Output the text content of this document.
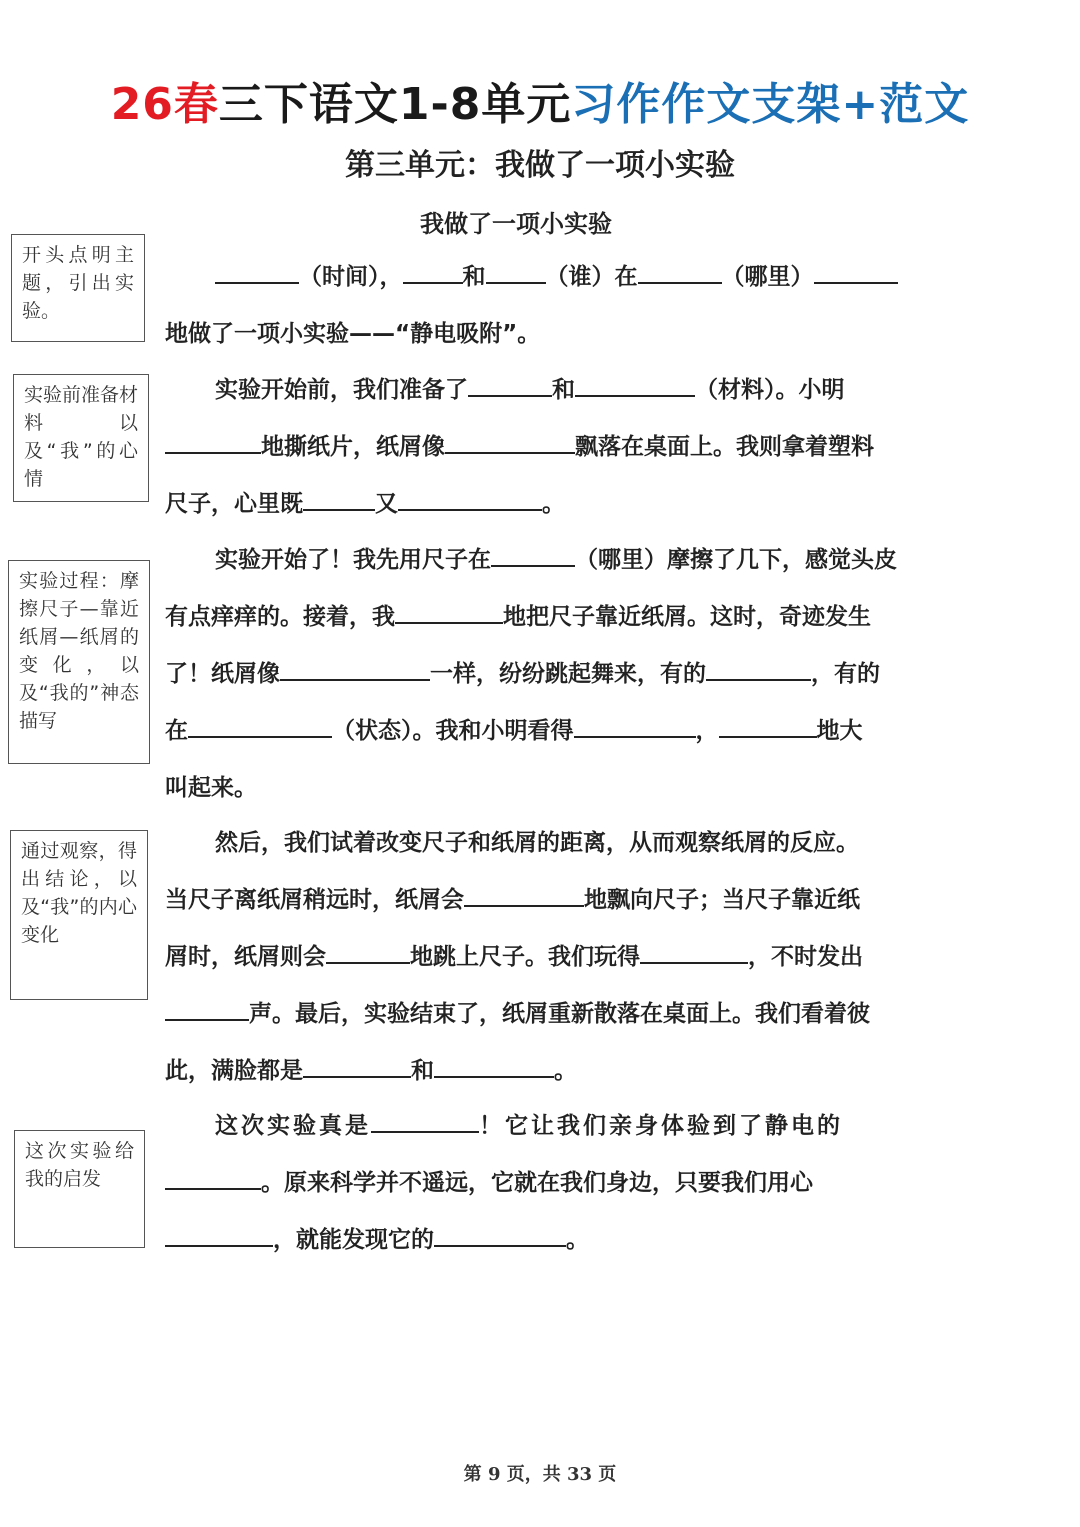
26春三下语文1-8单元习作作文支架+范文
第三单元：我做了一项小实验
我做了一项小实验
开头点明主题，引出实验。
实验前准备材料以及“我”的心情
实验过程：摩擦尺子—靠近纸屑—纸屑的变化，以及“我的”神态描写
通过观察，得出结论，以及“我”的内心变化
这次实验给我的启发
（时间），	和	（谁）在	（哪里）
地做了一项小实验——“静电吸附”。
实验开始前，我们准备了	和	（材料）。小明
地撕纸片，纸屑像	飘落在桌面上。我则拿着塑料
尺子，心里既	又	。
实验开始了！我先用尺子在	（哪里）摩擦了几下，感觉头皮
有点痒痒的。接着，我	地把尺子靠近纸屑。这时，奇迹发生
了！纸屑像	一样，纷纷跳起舞来，有的	，有的
在	（状态）。我和小明看得	，	地大
叫起来。
然后，我们试着改变尺子和纸屑的距离，从而观察纸屑的反应。
当尺子离纸屑稍远时，纸屑会	地飘向尺子；当尺子靠近纸
屑时，纸屑则会	地跳上尺子。我们玩得	，不时发出
声。最后，实验结束了，纸屑重新散落在桌面上。我们看着彼
此，满脸都是	和	。
这次实验真是	！它让我们亲身体验到了静电的
。原来科学并不遥远，它就在我们身边，只要我们用心
，就能发现它的	。
第 9 页，共 33 页
